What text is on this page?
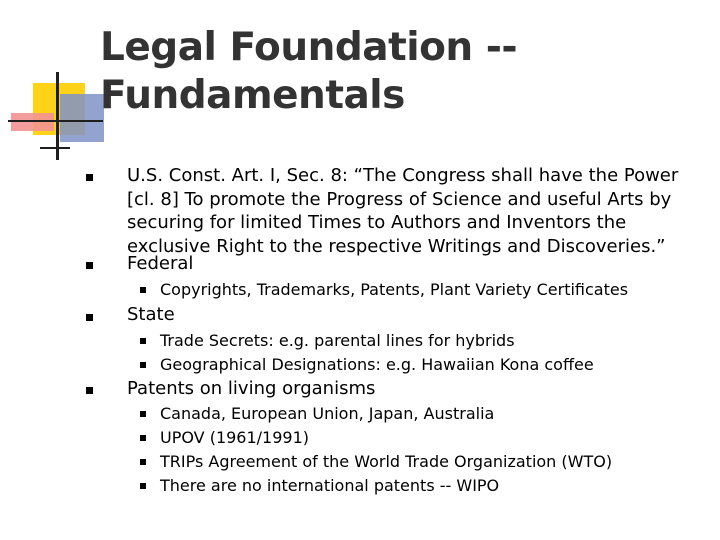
Legal Foundation --
Fundamentals
U.S. Const. Art. I, Sec. 8: “The Congress shall have the Power
[cl. 8] To promote the Progress of Science and useful Arts by
securing for limited Times to Authors and Inventors the
exclusive Right to the respective Writings and Discoveries.”
Federal
Copyrights, Trademarks, Patents, Plant Variety Certificates
State
Trade Secrets: e.g. parental lines for hybrids
Geographical Designations: e.g. Hawaiian Kona coffee
Patents on living organisms
Canada, European Union, Japan, Australia
UPOV (1961/1991)
TRIPs Agreement of the World Trade Organization (WTO)
There are no international patents -- WIPO
